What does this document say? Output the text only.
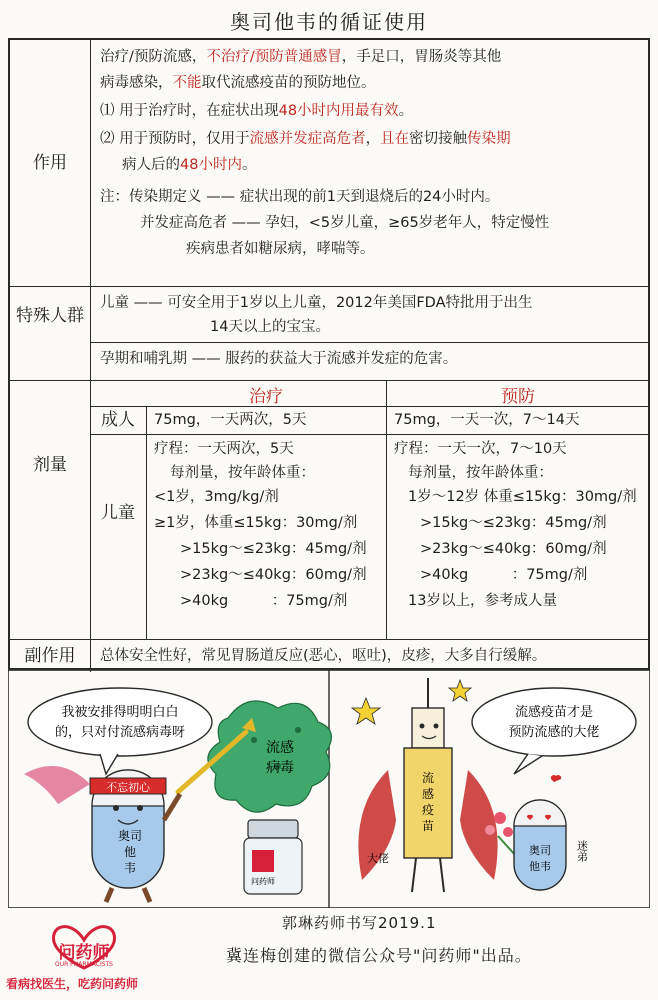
奥司他韦的循证使用
作用
特殊人群
剂量
副作用
治疗/预防流感，不治疗/预防普通感冒，手足口，胃肠炎等其他
病毒感染，不能取代流感疫苗的预防地位。
⑴ 用于治疗时，在症状出现48小时内用最有效。
⑵ 用于预防时，仅用于流感并发症高危者，且在密切接触传染期
病人后的48小时内。
注：传染期定义 —— 症状出现的前1天到退烧后的24小时内。
并发症高危者 —— 孕妇，<5岁儿童，≥65岁老年人，特定慢性
疾病患者如糖尿病，哮喘等。
儿童 —— 可安全用于1岁以上儿童，2012年美国FDA特批用于出生
14天以上的宝宝。
孕期和哺乳期 —— 服药的获益大于流感并发症的危害。
治疗	预防
成人
儿童
75mg，一天两次，5天	75mg，一天一次，7～14天
疗程：一天两次，5天
每剂量，按年龄体重：
<1岁，3mg/kg/剂
≥1岁，体重≤15kg：30mg/剂
>15kg～≤23kg：45mg/剂
>23kg～≤40kg：60mg/剂
>40kg　　　：75mg/剂
疗程：一天一次，7～10天
每剂量，按年龄体重：
1岁～12岁 体重≤15kg：30mg/剂
>15kg～≤23kg：45mg/剂
>23kg～≤40kg：60mg/剂
>40kg　　　：75mg/剂
13岁以上，参考成人量
总体安全性好，常见胃肠道反应(恶心，呕吐)，皮疹，大多自行缓解。
我被安排得明明白白
的，只对付流感病毒呀
流感
病毒
不忘初心
奥司
他
韦
问药师
流感疫苗才是
预防流感的大佬
流
感
疫
苗
大佬
奥司
他韦
迷弟
郭琳药师书写2019.1
冀连梅创建的微信公众号"问药师"出品。
问药师
OUR PHARMACISTS
看病找医生，吃药问药师
